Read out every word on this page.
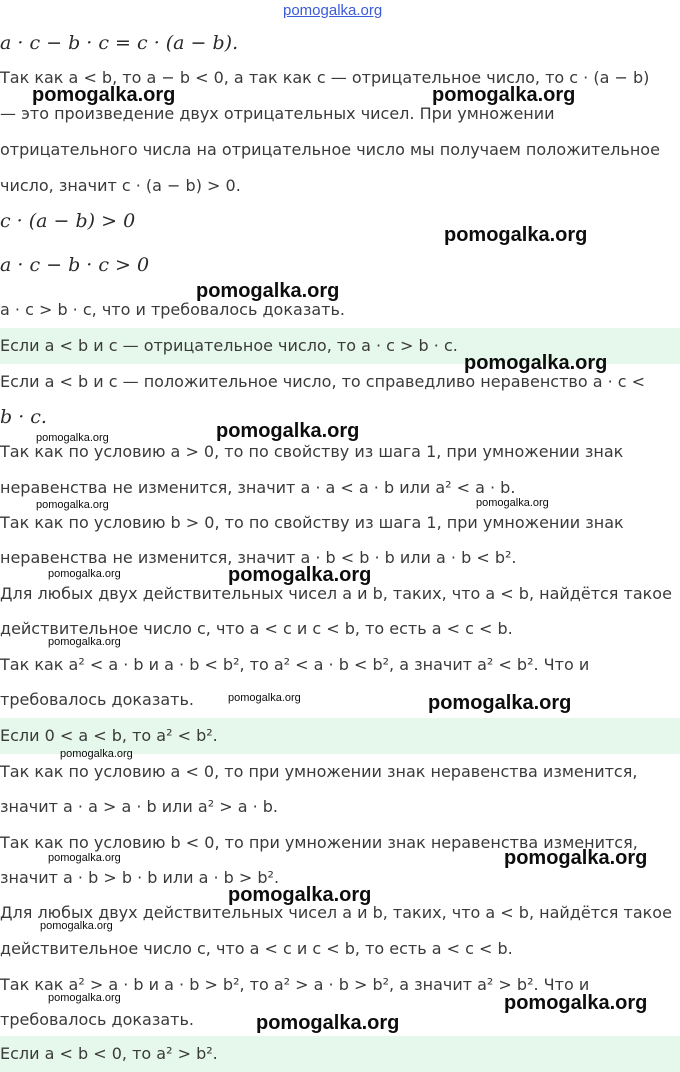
pomogalka.org
a · c − b · c = c · (a − b).
Так как a < b, то a − b < 0, а так как c — отрицательное число, то c · (a − b)
— это произведение двух отрицательных чисел. При умножении
отрицательного числа на отрицательное число мы получаем положительное
число, значит c · (a − b) > 0.
c · (a − b) > 0
a · c − b · c > 0
a · c > b · c, что и требовалось доказать.
Если a < b и c — отрицательное число, то a · c > b · c.
Если a < b и c — положительное число, то справедливо неравенство a · c <
b · c.
Так как по условию a > 0, то по свойству из шага 1, при умножении знак
неравенства не изменится, значит a · a < a · b или a² < a · b.
Так как по условию b > 0, то по свойству из шага 1, при умножении знак
неравенства не изменится, значит a · b < b · b или a · b < b².
Для любых двух действительных чисел a и b, таких, что a < b, найдётся такое
действительное число c, что a < c и c < b, то есть a < c < b.
Так как a² < a · b и a · b < b², то a² < a · b < b², а значит a² < b². Что и
требовалось доказать.
Если 0 < a < b, то a² < b².
Так как по условию a < 0, то при умножении знак неравенства изменится,
значит a · a > a · b или a² > a · b.
Так как по условию b < 0, то при умножении знак неравенства изменится,
значит a · b > b · b или a · b > b².
Для любых двух действительных чисел a и b, таких, что a < b, найдётся такое
действительное число c, что a < c и c < b, то есть a < c < b.
Так как a² > a · b и a · b > b², то a² > a · b > b², а значит a² > b². Что и
требовалось доказать.
Если a < b < 0, то a² > b².
pomogalka.org	pomogalka.org
pomogalka.org
pomogalka.org
pomogalka.org
pomogalka.org
pomogalka.org
pomogalka.org
pomogalka.org
pomogalka.org
pomogalka.org
pomogalka.org
pomogalka.org
pomogalka.org	pomogalka.org
pomogalka.org
pomogalka.org
pomogalka.org
pomogalka.org
pomogalka.org
pomogalka.org
pomogalka.org
